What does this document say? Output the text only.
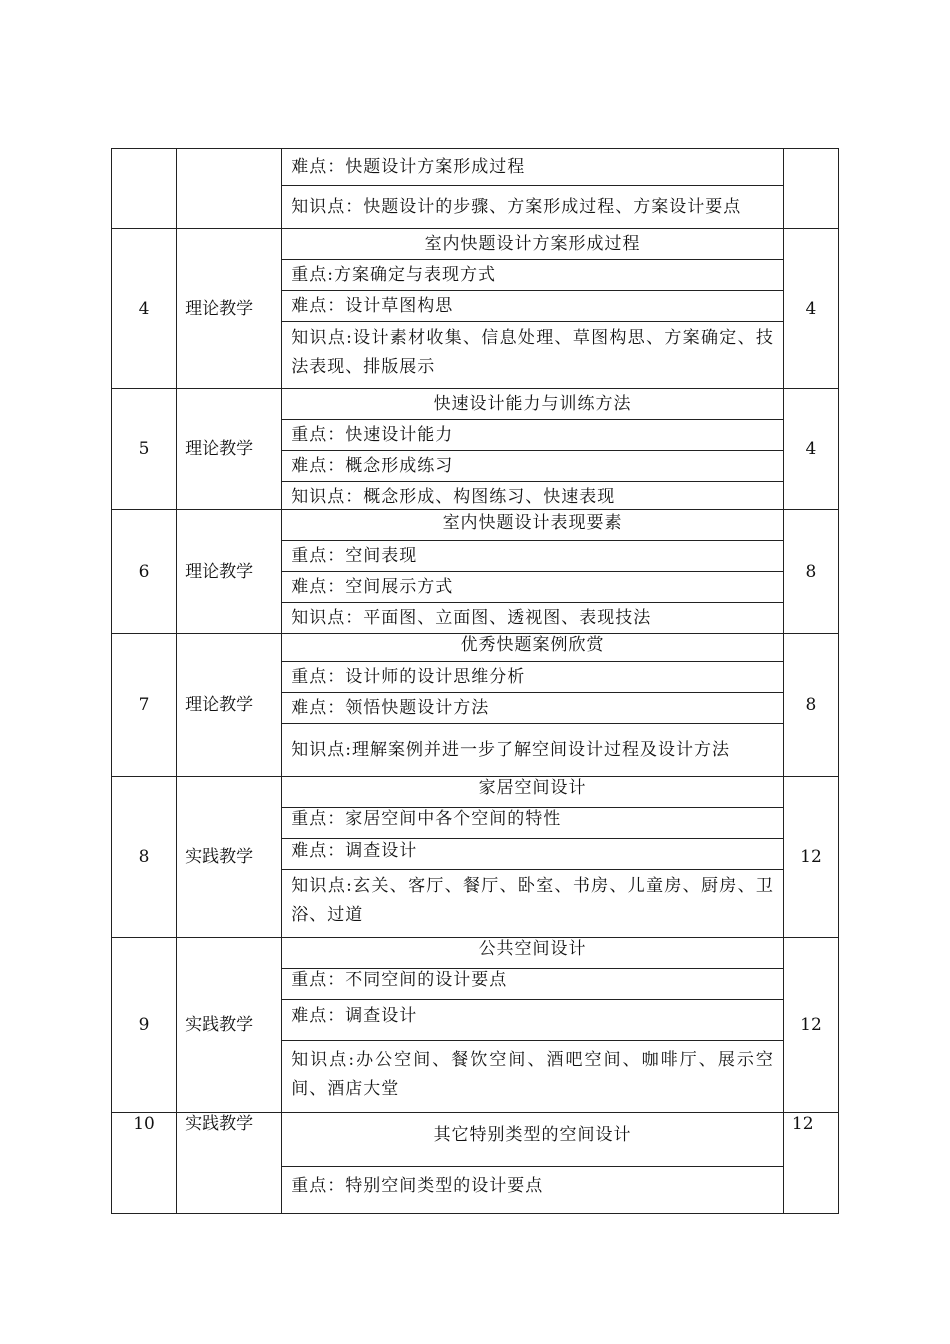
		难点：快题设计方案形成过程
知识点：快题设计的步骤、方案形成过程、方案设计要点	

4	理论教学	室内快题设计方案形成过程
重点:方案确定与表现方式
难点：设计草图构思
知识点:设计素材收集、信息处理、草图构思、方案确定、技法表现、排版展示	4
5	理论教学	快速设计能力与训练方法
重点：快速设计能力
难点：概念形成练习
知识点：概念形成、构图练习、快速表现	4
6	理论教学	室内快题设计表现要素
重点：空间表现
难点：空间展示方式
知识点：平面图、立面图、透视图、表现技法	8
7	理论教学	优秀快题案例欣赏
重点：设计师的设计思维分析
难点：领悟快题设计方法
知识点:理解案例并进一步了解空间设计过程及设计方法	8
8	实践教学	家居空间设计
重点：家居空间中各个空间的特性
难点：调查设计
知识点:玄关、客厅、餐厅、卧室、书房、儿童房、厨房、卫浴、过道	12
9	实践教学	公共空间设计
重点：不同空间的设计要点
难点：调查设计
知识点:办公空间、餐饮空间、酒吧空间、咖啡厅、展示空间、酒店大堂	12
10	实践教学	其它特别类型的空间设计
重点：特别空间类型的设计要点	12
